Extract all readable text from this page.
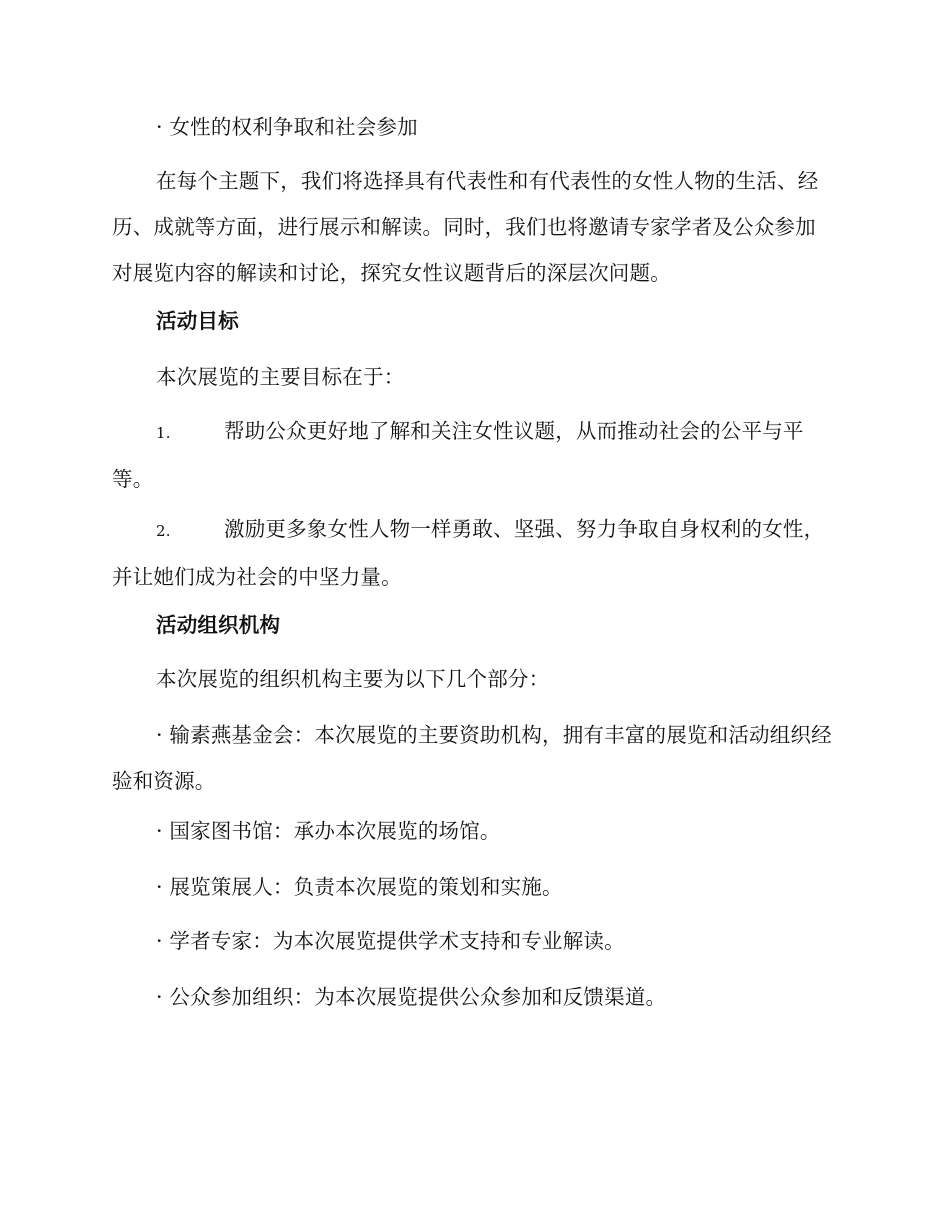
· 女性的权利争取和社会参加

在每个主题下，我们将选择具有代表性和有代表性的女性人物的生活、经历、成就等方面，进行展示和解读。同时，我们也将邀请专家学者及公众参加对展览内容的解读和讨论，探究女性议题背后的深层次问题。

活动目标

本次展览的主要目标在于：

1.	帮助公众更好地了解和关注女性议题，从而推动社会的公平与平等。

2.	激励更多象女性人物一样勇敢、坚强、努力争取自身权利的女性，并让她们成为社会的中坚力量。

活动组织机构

本次展览的组织机构主要为以下几个部分：

· 输素燕基金会：本次展览的主要资助机构，拥有丰富的展览和活动组织经验和资源。

· 国家图书馆：承办本次展览的场馆。

· 展览策展人：负责本次展览的策划和实施。

· 学者专家：为本次展览提供学术支持和专业解读。

· 公众参加组织：为本次展览提供公众参加和反馈渠道。
